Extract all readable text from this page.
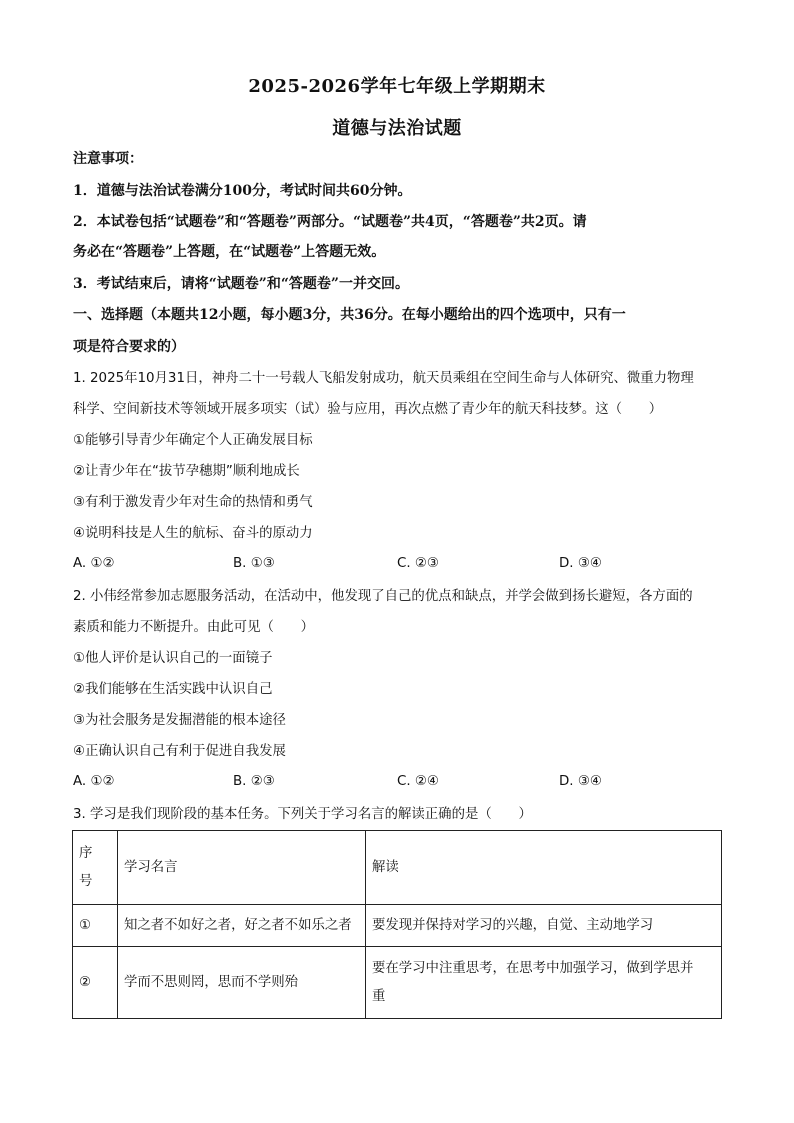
2025-2026学年七年级上学期期末
道德与法治试题
注意事项：
1．道德与法治试卷满分100分，考试时间共60分钟。
2．本试卷包括“试题卷”和“答题卷”两部分。“试题卷”共4页，“答题卷”共2页。请
务必在“答题卷”上答题，在“试题卷”上答题无效。
3．考试结束后，请将“试题卷”和“答题卷”一并交回。
一、选择题（本题共12小题，每小题3分，共36分。在每小题给出的四个选项中，只有一
项是符合要求的）
1. 2025年10月31日，神舟二十一号载人飞船发射成功，航天员乘组在空间生命与人体研究、微重力物理
科学、空间新技术等领域开展多项实（试）验与应用，再次点燃了青少年的航天科技梦。这（　　）
①能够引导青少年确定个人正确发展目标
②让青少年在“拔节孕穗期”顺利地成长
③有利于激发青少年对生命的热情和勇气
④说明科技是人生的航标、奋斗的原动力
A. ①②	B. ①③	C. ②③	D. ③④
2. 小伟经常参加志愿服务活动，在活动中，他发现了自己的优点和缺点，并学会做到扬长避短，各方面的
素质和能力不断提升。由此可见（　　）
①他人评价是认识自己的一面镜子
②我们能够在生活实践中认识自己
③为社会服务是发掘潜能的根本途径
④正确认识自己有利于促进自我发展
A. ①②	B. ②③	C. ②④	D. ③④
3. 学习是我们现阶段的基本任务。下列关于学习名言的解读正确的是（　　）
序
号	学习名言	解读
①	知之者不如好之者，好之者不如乐之者	要发现并保持对学习的兴趣，自觉、主动地学习
②	学而不思则罔，思而不学则殆	要在学习中注重思考，在思考中加强学习，做到学思并
重
